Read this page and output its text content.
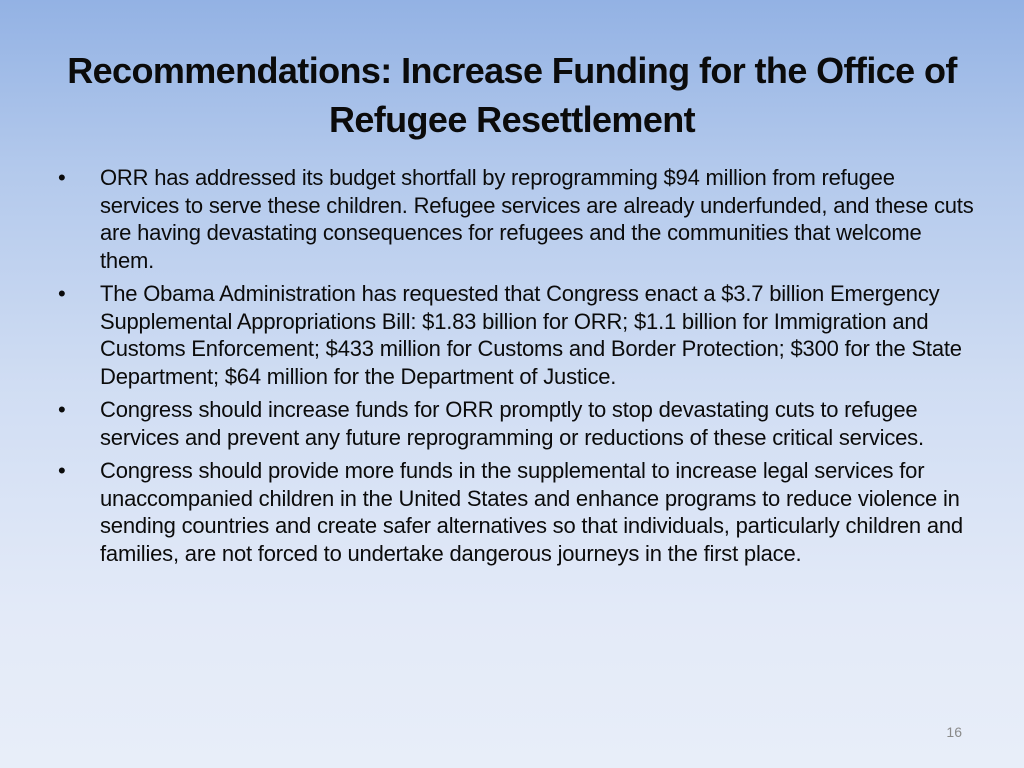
Recommendations: Increase Funding for the Office of Refugee Resettlement
• ORR has addressed its budget shortfall by reprogramming $94 million from refugee services to serve these children. Refugee services are already underfunded, and these cuts are having devastating consequences for refugees and the communities that welcome them.
• The Obama Administration has requested that Congress enact a $3.7 billion Emergency Supplemental Appropriations Bill: $1.83 billion for ORR; $1.1 billion for Immigration and Customs Enforcement; $433 million for Customs and Border Protection; $300 for the State Department; $64 million for the Department of Justice.
• Congress should increase funds for ORR promptly to stop devastating cuts to refugee services and prevent any future reprogramming or reductions of these critical services.
• Congress should provide more funds in the supplemental to increase legal services for unaccompanied children in the United States and enhance programs to reduce violence in sending countries and create safer alternatives so that individuals, particularly children and families, are not forced to undertake dangerous journeys in the first place.
16
